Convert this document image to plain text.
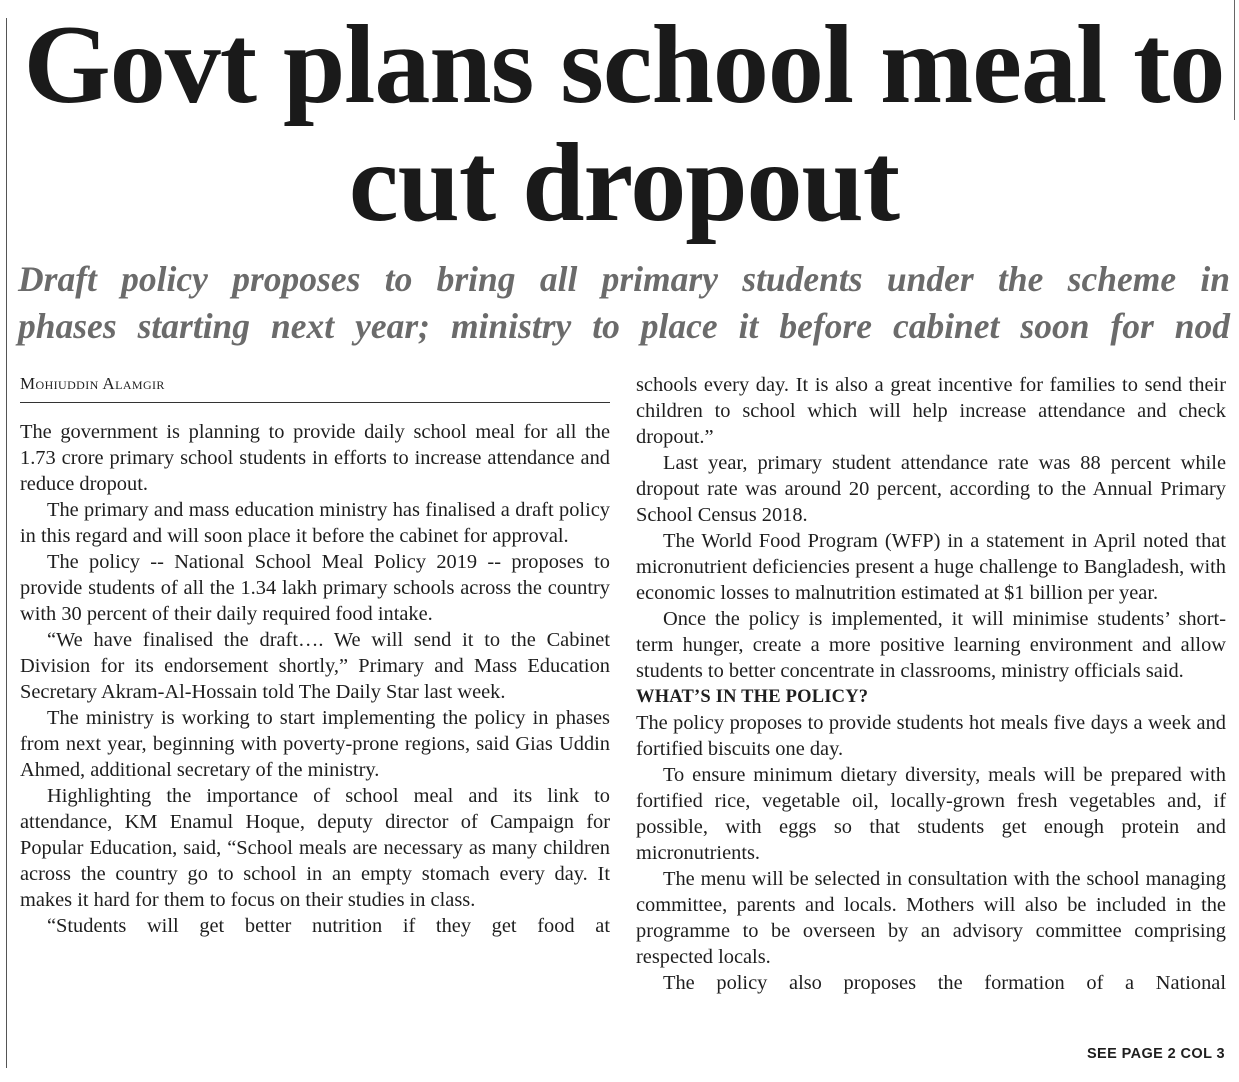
Govt plans school meal to cut dropout
Draft policy proposes to bring all primary students under the scheme in
phases starting next year; ministry to place it before cabinet soon for nod
Mohiuddin Alamgir

The government is planning to provide daily school meal for all the 1.73 crore primary school students in efforts to increase attendance and reduce dropout.

The primary and mass education ministry has finalised a draft policy in this regard and will soon place it before the cabinet for approval.

The policy -- National School Meal Policy 2019 -- proposes to provide students of all the 1.34 lakh primary schools across the country with 30 percent of their daily required food intake.

“We have finalised the draft…. We will send it to the Cabinet Division for its endorsement shortly,” Primary and Mass Education Secretary Akram-Al-Hossain told The Daily Star last week.

The ministry is working to start implementing the policy in phases from next year, beginning with poverty-prone regions, said Gias Uddin Ahmed, additional secretary of the ministry.

Highlighting the importance of school meal and its link to attendance, KM Enamul Hoque, deputy director of Campaign for Popular Education, said, “School meals are necessary as many children across the country go to school in an empty stomach every day. It makes it hard for them to focus on their studies in class.

“Students will get better nutrition if they get food at

schools every day. It is also a great incentive for families to send their children to school which will help increase attendance and check dropout.”

Last year, primary student attendance rate was 88 percent while dropout rate was around 20 percent, according to the Annual Primary School Census 2018.

The World Food Program (WFP) in a statement in April noted that micronutrient deficiencies present a huge challenge to Bangladesh, with economic losses to malnutrition estimated at $1 billion per year.

Once the policy is implemented, it will minimise students’ short-term hunger, create a more positive learning environment and allow students to better concentrate in classrooms, ministry officials said.

WHAT’S IN THE POLICY?

The policy proposes to provide students hot meals five days a week and fortified biscuits one day.

To ensure minimum dietary diversity, meals will be prepared with fortified rice, vegetable oil, locally-grown fresh vegetables and, if possible, with eggs so that students get enough protein and micronutrients.

The menu will be selected in consultation with the school managing committee, parents and locals. Mothers will also be included in the programme to be overseen by an advisory committee comprising respected locals.

The policy also proposes the formation of a National

SEE PAGE 2 COL 3
